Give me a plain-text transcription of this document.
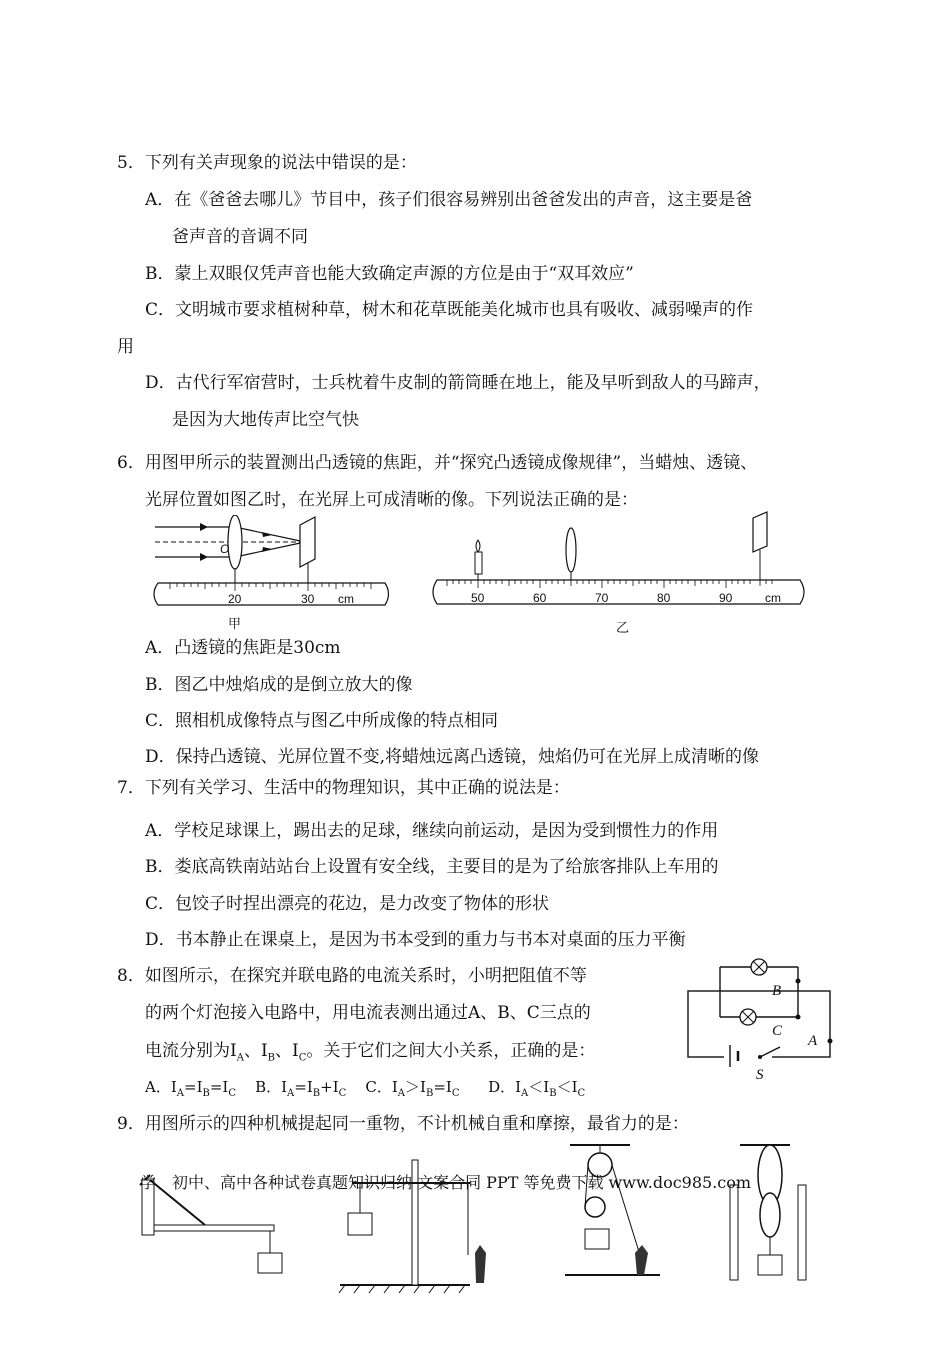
5．下列有关声现象的说法中错误的是：
A．在《爸爸去哪儿》节目中，孩子们很容易辨别出爸爸发出的声音，这主要是爸
爸声音的音调不同
B．蒙上双眼仅凭声音也能大致确定声源的方位是由于“双耳效应”
C．文明城市要求植树种草，树木和花草既能美化城市也具有吸收、减弱噪声的作
用
D．古代行军宿营时，士兵枕着牛皮制的箭筒睡在地上，能及早听到敌人的马蹄声，
是因为大地传声比空气快
6．用图甲所示的装置测出凸透镜的焦距，并“探究凸透镜成像规律”，当蜡烛、透镜、
光屏位置如图乙时，在光屏上可成清晰的像。下列说法正确的是：
O
20	30 cm
甲
50	60	70	80	90	cm
乙
A．凸透镜的焦距是30cm
B．图乙中烛焰成的是倒立放大的像
C．照相机成像特点与图乙中所成像的特点相同
D．保持凸透镜、光屏位置不变,将蜡烛远离凸透镜，烛焰仍可在光屏上成清晰的像
7．下列有关学习、生活中的物理知识，其中正确的说法是：
A．学校足球课上，踢出去的足球，继续向前运动，是因为受到惯性力的作用
B．娄底高铁南站站台上设置有安全线，主要目的是为了给旅客排队上车用的
C．包饺子时捏出漂亮的花边，是力改变了物体的形状
D．书本静止在课桌上，是因为书本受到的重力与书本对桌面的压力平衡
8．如图所示，在探究并联电路的电流关系时，小明把阻值不等
的两个灯泡接入电路中，用电流表测出通过A、B、C三点的
电流分别为$I_A$、$I_B$、$I_C$。关于它们之间大小关系，正确的是：
A．$I_A=I_B=I_C$    B．$I_A=I_B+I_C$    C．$I_A>I_B=I_C$      D．$I_A<I_B<I_C$
B
C
A
S
9．用图所示的四种机械提起同一重物，不计机械自重和摩擦，最省力的是：
学、初中、高中各种试卷真题知识归纳 文案合同 PPT 等免费下载 www.doc985.com
